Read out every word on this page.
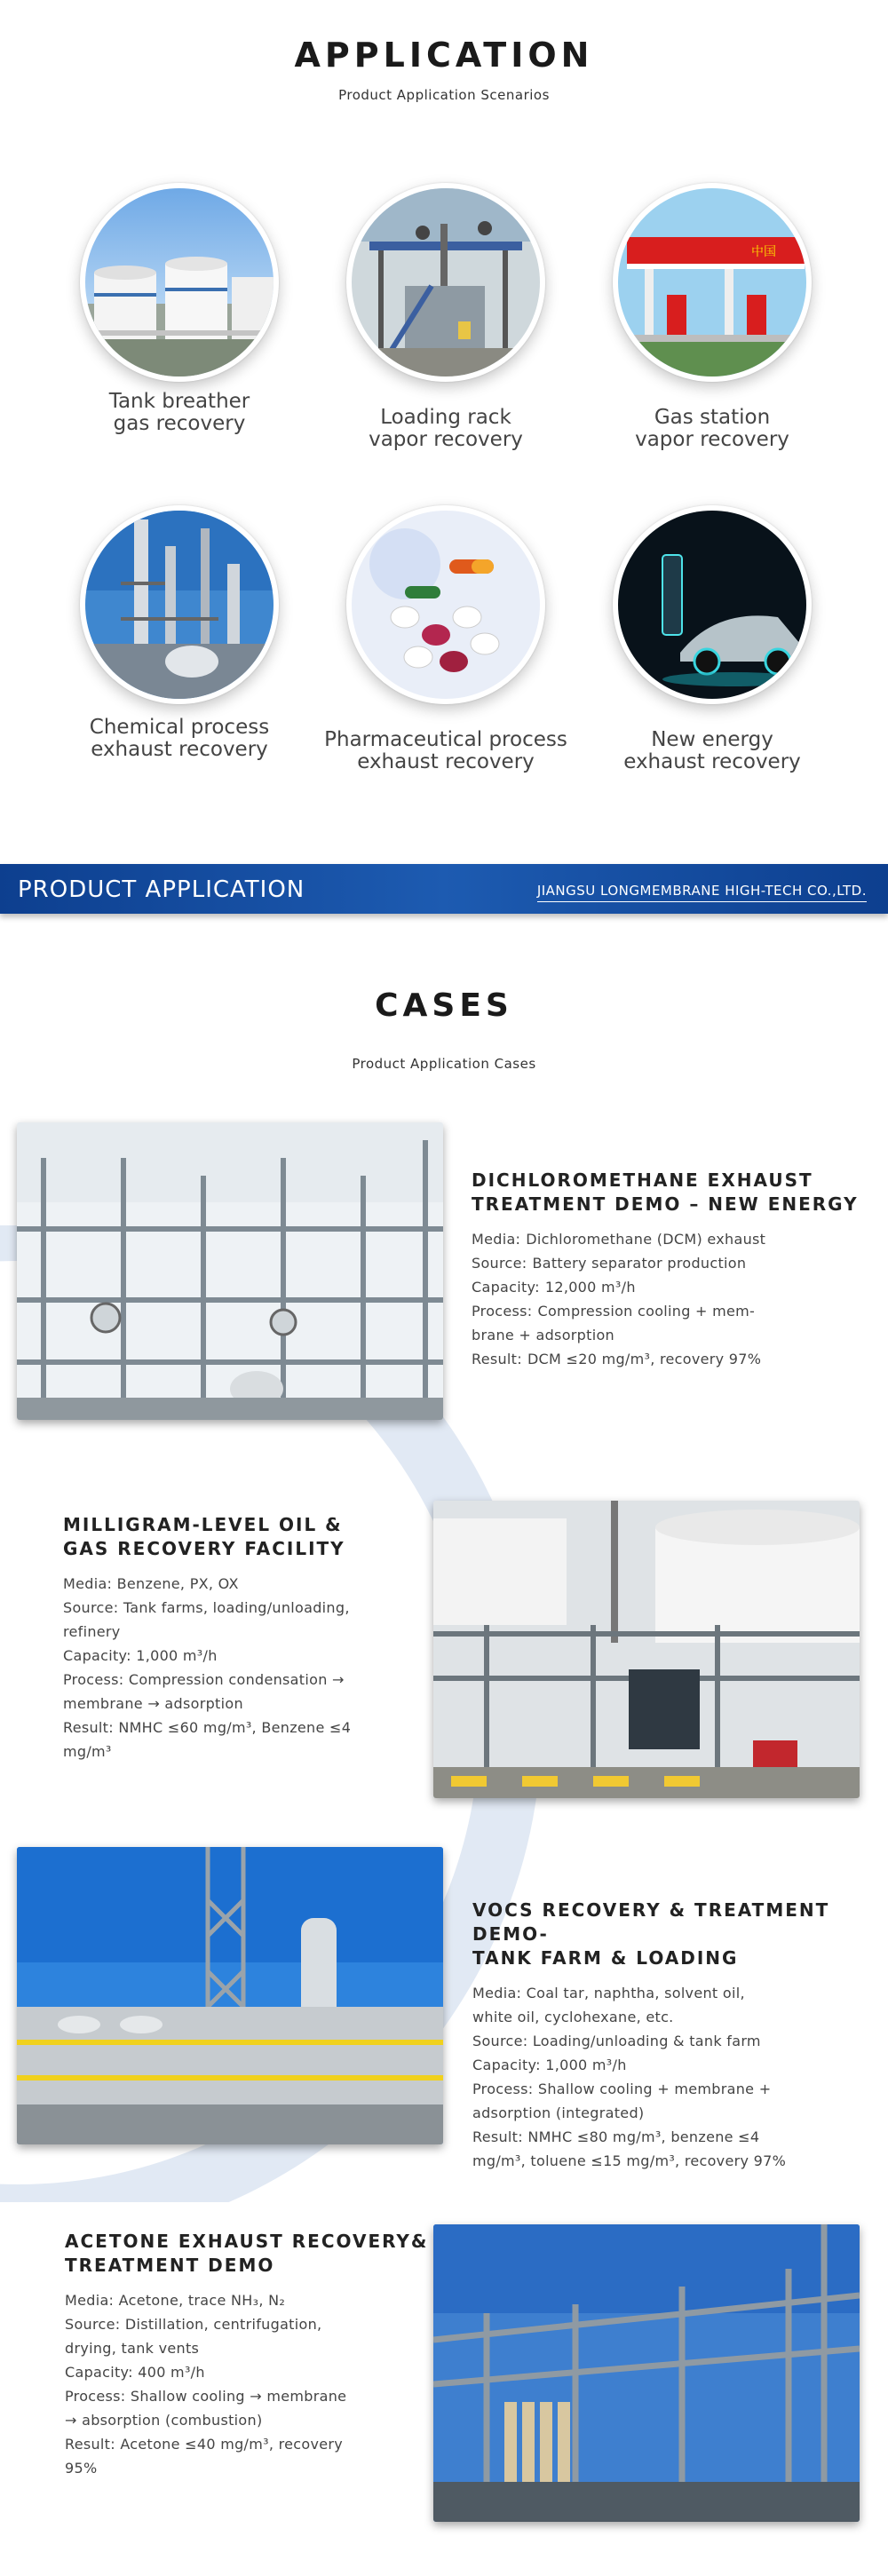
APPLICATION
Product Application Scenarios
Tank breather
gas recovery	Loading rack
vapor recovery
中国
Gas station
vapor recovery
Chemical process
exhaust recovery	Pharmaceutical process
exhaust recovery
New energy
exhaust recovery
PRODUCT APPLICATION	JIANGSU LONGMEMBRANE HIGH-TECH CO.,LTD.
CASES
Product Application Cases
DICHLOROMETHANE EXHAUST
TREATMENT DEMO – NEW ENERGY
Media: Dichloromethane (DCM) exhaust
Source: Battery separator production
Capacity: 12,000 m³/h
Process: Compression cooling + mem-
brane + adsorption
Result: DCM ≤20 mg/m³, recovery 97%
MILLIGRAM-LEVEL OIL &
GAS RECOVERY FACILITY
Media: Benzene, PX, OX
Source: Tank farms, loading/unloading,
refinery
Capacity: 1,000 m³/h
Process: Compression condensation →
membrane → adsorption
Result: NMHC ≤60 mg/m³, Benzene ≤4
mg/m³
VOCS RECOVERY & TREATMENT DEMO-
TANK FARM & LOADING
Media: Coal tar, naphtha, solvent oil,
white oil, cyclohexane, etc.
Source: Loading/unloading & tank farm
Capacity: 1,000 m³/h
Process: Shallow cooling + membrane +
adsorption (integrated)
Result: NMHC ≤80 mg/m³, benzene ≤4
mg/m³, toluene ≤15 mg/m³, recovery 97%
ACETONE EXHAUST RECOVERY&
TREATMENT DEMO
Media: Acetone, trace NH₃, N₂
Source: Distillation, centrifugation,
drying, tank vents
Capacity: 400 m³/h
Process: Shallow cooling → membrane
→ absorption (combustion)
Result: Acetone ≤40 mg/m³, recovery
95%
